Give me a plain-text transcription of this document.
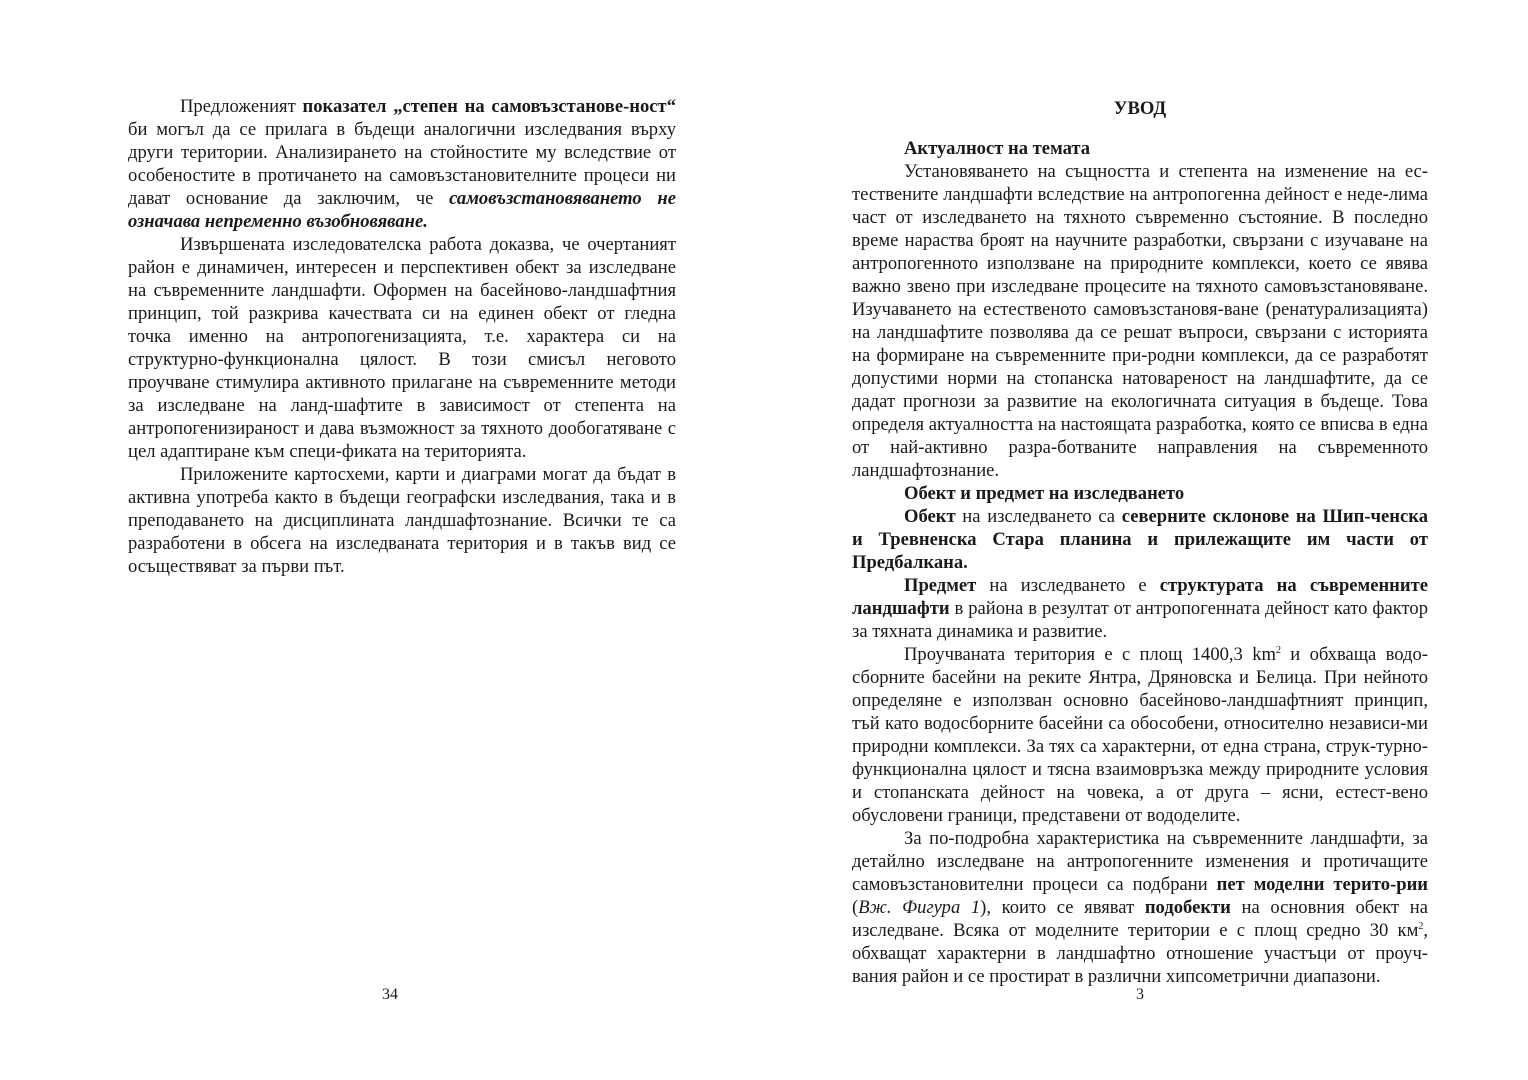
Предложеният показател „степен на самовъзстанове-ност“ би могъл да се прилага в бъдещи аналогични изследвания върху други територии. Анализирането на стойностите му вследствие от особеностите в протичането на самовъзстановителните процеси ни дават основание да заключим, че самовъзстановяването не означава непременно възобновяване.

Извършената изследователска работа доказва, че очертаният район е динамичен, интересен и перспективен обект за изследване на съвременните ландшафти. Оформен на басейново-ландшафтния принцип, той разкрива качествата си на единен обект от гледна точка именно на антропогенизацията, т.е. характера си на структурно-функционална цялост. В този смисъл неговото проучване стимулира активното прилагане на съвременните методи за изследване на ланд-шафтите в зависимост от степента на антропогенизираност и дава възможност за тяхното дообогатяване с цел адаптиране към специ-фиката на територията.

Приложените картосхеми, карти и диаграми могат да бъдат в активна употреба както в бъдещи географски изследвания, така и в преподаването на дисциплината ландшафтознание. Всички те са разработени в обсега на изследваната територия и в такъв вид се осъществяват за първи път.

34
УВОД

Актуалност на темата

Установяването на същността и степента на изменение на ес-тествените ландшафти вследствие на антропогенна дейност е неде-лима част от изследването на тяхното съвременно състояние. В последно време нараства броят на научните разработки, свързани с изучаване на антропогенното използване на природните комплекси, което се явява важно звено при изследване процесите на тяхното самовъзстановяване. Изучаването на естественото самовъзстановя-ване (ренатурализацията) на ландшафтите позволява да се решат въпроси, свързани с историята на формиране на съвременните при-родни комплекси, да се разработят допустими норми на стопанска натовареност на ландшафтите, да се дадат прогнози за развитие на екологичната ситуация в бъдеще. Това определя актуалността на настоящата разработка, която се вписва в една от най-активно разра-ботваните направления на съвременното ландшафтознание.

Обект и предмет на изследването

Обект на изследването са северните склонове на Шип-ченска и Тревненска Стара планина и прилежащите им части от Предбалкана.

Предмет на изследването е структурата на съвременните ландшафти в района в резултат от антропогенната дейност като фактор за тяхната динамика и развитие.

Проучваната територия е с площ 1400,3 $km^2$ и обхваща водо-сборните басейни на реките Янтра, Дряновска и Белица. При нейното определяне е използван основно басейново-ландшафтният принцип, тъй като водосборните басейни са обособени, относително независи-ми природни комплекси. За тях са характерни, от една страна, струк-турно-функционална цялост и тясна взаимовръзка между природните условия и стопанската дейност на човека, а от друга – ясни, естест-вено обусловени граници, представени от вододелите.

За по-подробна характеристика на съвременните ландшафти, за детайлно изследване на антропогенните изменения и протичащите самовъзстановителни процеси са подбрани пет моделни терито-рии (Вж. Фигура 1), които се явяват подобекти на основния обект на изследване. Всяка от моделните територии е с площ средно 30 $км^2$, обхващат характерни в ландшафтно отношение участъци от проуч-вания район и се простират в различни хипсометрични диапазони.

3
